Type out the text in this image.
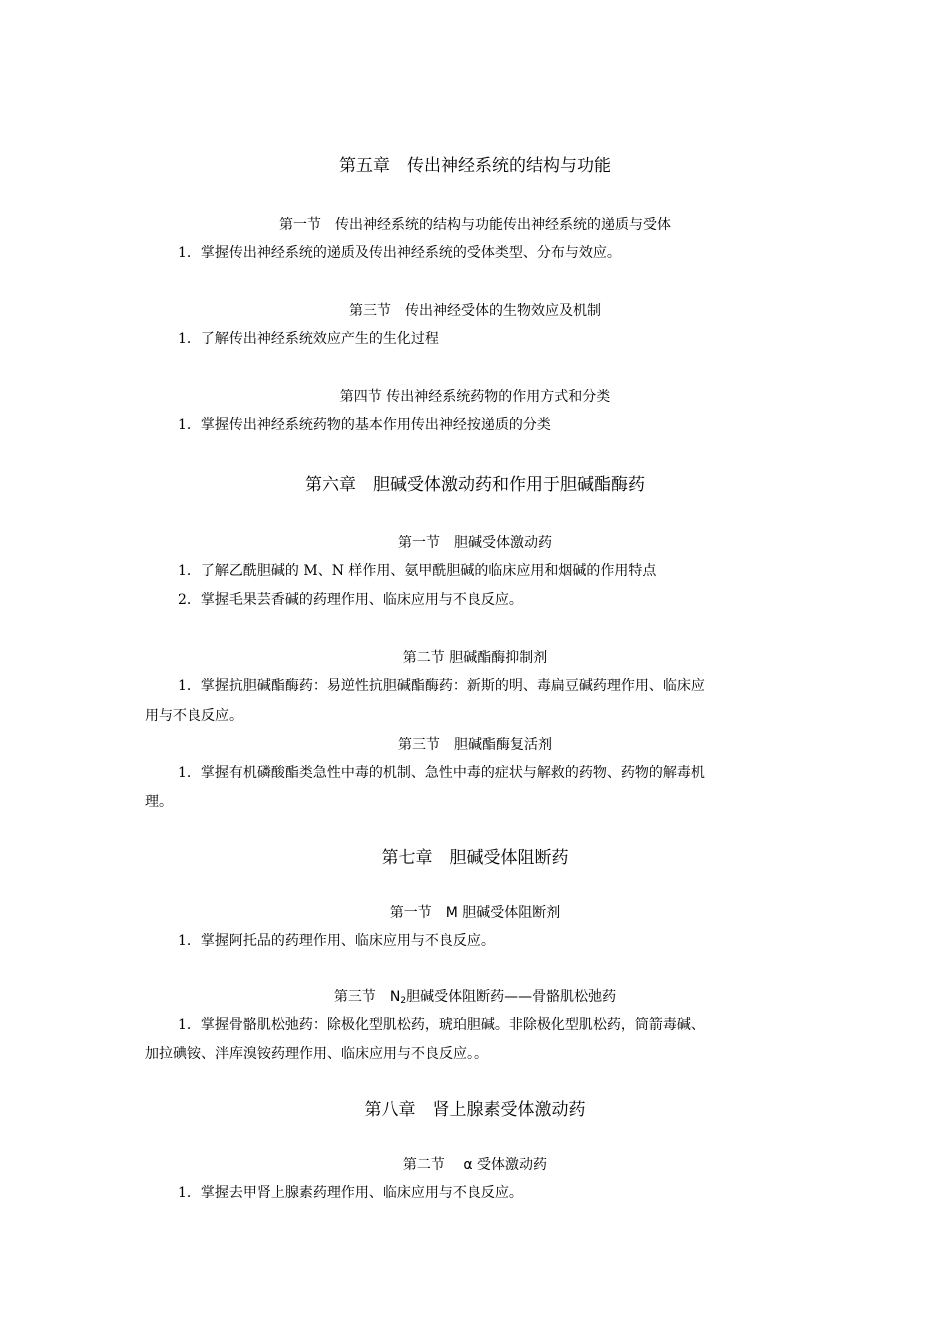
第五章　传出神经系统的结构与功能
第一节　传出神经系统的结构与功能传出神经系统的递质与受体
1．掌握传出神经系统的递质及传出神经系统的受体类型、分布与效应。
第三节　传出神经受体的生物效应及机制
1．了解传出神经系统效应产生的生化过程
第四节 传出神经系统药物的作用方式和分类
1．掌握传出神经系统药物的基本作用传出神经按递质的分类
第六章　胆碱受体激动药和作用于胆碱酯酶药
第一节　胆碱受体激动药
1．了解乙酰胆碱的 M、N 样作用、氨甲酰胆碱的临床应用和烟碱的作用特点
2．掌握毛果芸香碱的药理作用、临床应用与不良反应。
第二节 胆碱酯酶抑制剂
1．掌握抗胆碱酯酶药：易逆性抗胆碱酯酶药：新斯的明、毒扁豆碱药理作用、临床应
用与不良反应。
第三节　胆碱酯酶复活剂
1．掌握有机磷酸酯类急性中毒的机制、急性中毒的症状与解救的药物、药物的解毒机
理。
第七章　胆碱受体阻断药
第一节　M 胆碱受体阻断剂
1．掌握阿托品的药理作用、临床应用与不良反应。
第三节　$N_2$胆碱受体阻断药——骨骼肌松弛药
1．掌握骨骼肌松弛药：除极化型肌松药，琥珀胆碱。非除极化型肌松药，筒箭毒碱、
加拉碘铵、泮库溴铵药理作用、临床应用与不良反应。。
第八章　肾上腺素受体激动药
第二节　 α 受体激动药
1．掌握去甲肾上腺素药理作用、临床应用与不良反应。
